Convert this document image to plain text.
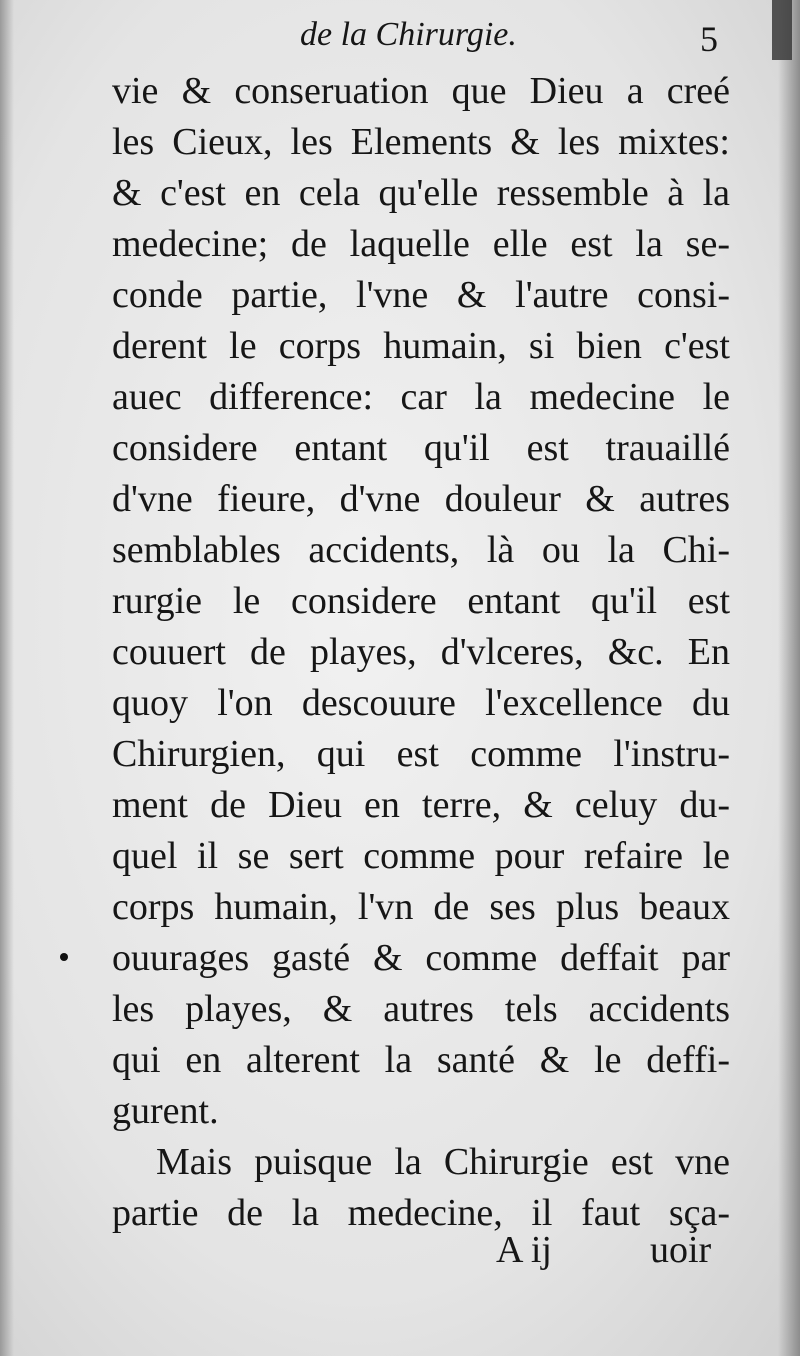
de la Chirurgie.	5
vie & conseruation que Dieu a creé
les Cieux, les Elements & les mixtes:
& c'est en cela qu'elle ressemble à la
medecine; de laquelle elle est la se-
conde partie, l'vne & l'autre consi-
derent le corps humain, si bien c'est
auec difference: car la medecine le
considere entant qu'il est trauaillé
d'vne fieure, d'vne douleur & autres
semblables accidents, là ou la Chi-
rurgie le considere entant qu'il est
couuert de playes, d'vlceres, &c. En
quoy l'on descouure l'excellence du
Chirurgien, qui est comme l'instru-
ment de Dieu en terre, & celuy du-
quel il se sert comme pour refaire le
corps humain, l'vn de ses plus beaux
ouurages gasté & comme deffait par
les playes, & autres tels accidents
qui en alterent la santé & le deffi-
gurent.
Mais puisque la Chirurgie est vne
partie de la medecine, il faut sça-
A ij	uoir
